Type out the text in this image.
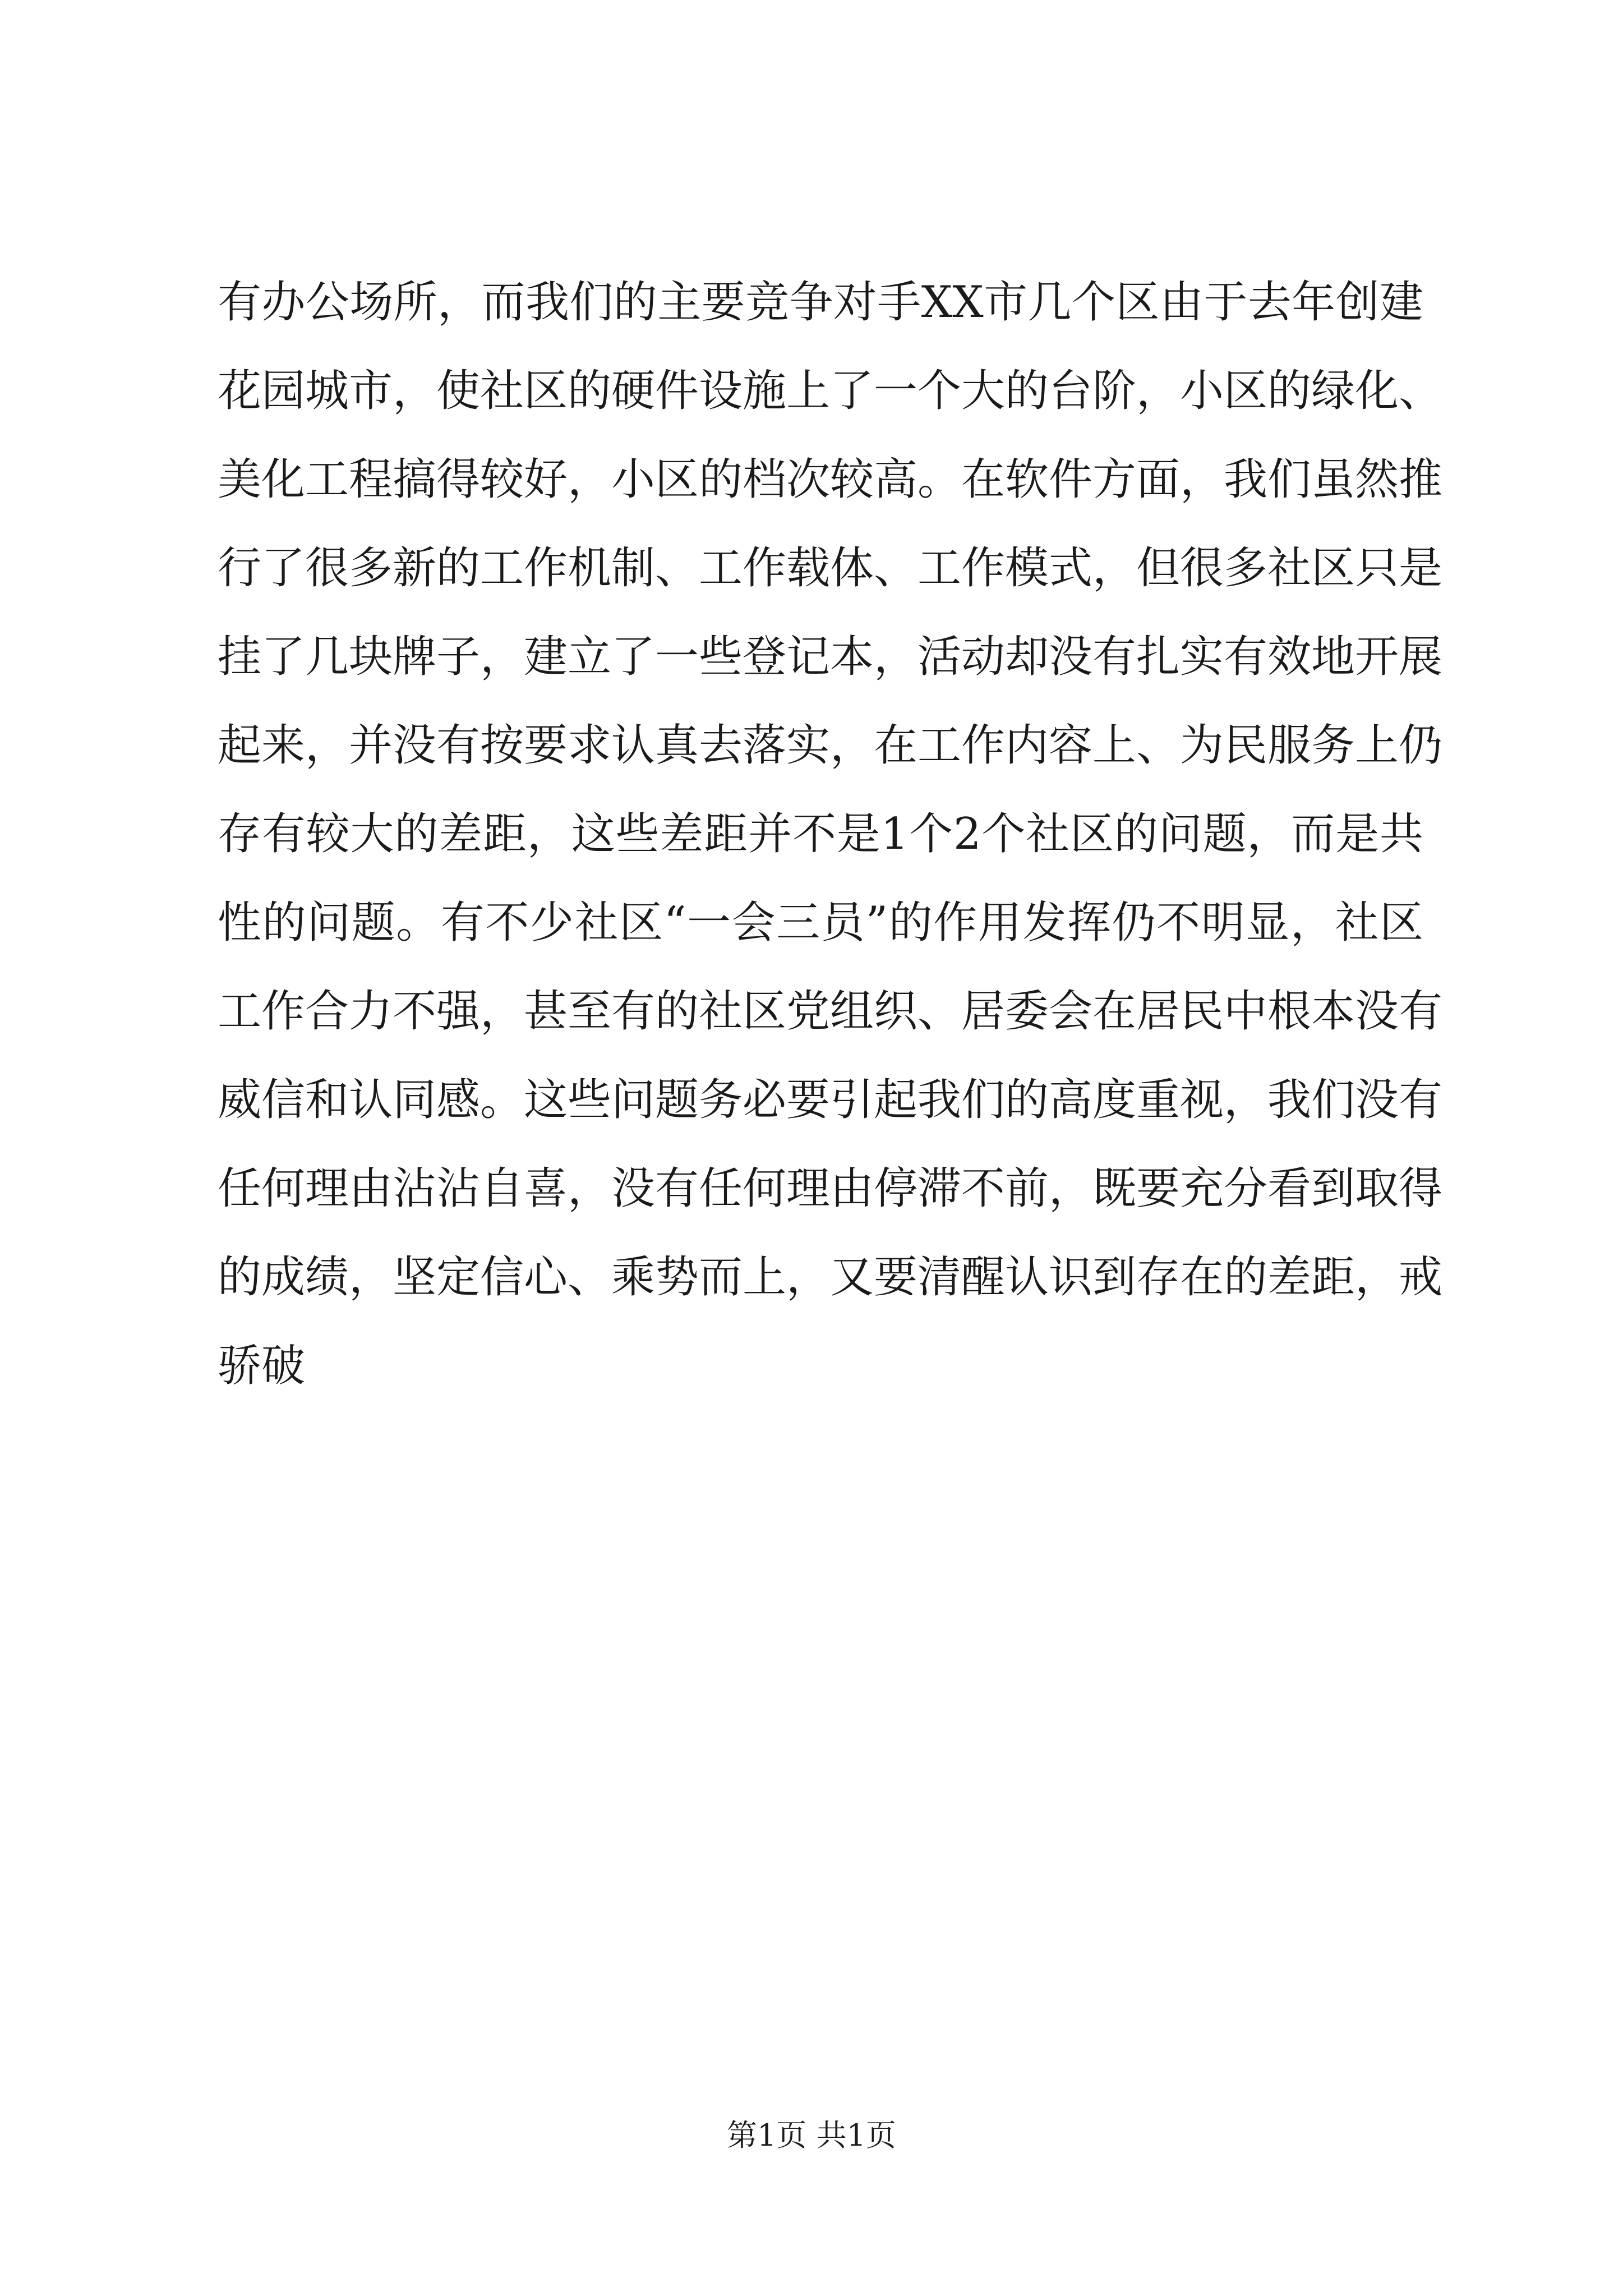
有办公场所，而我们的主要竞争对手XX市几个区由于去年创建
花园城市，使社区的硬件设施上了一个大的台阶，小区的绿化、
美化工程搞得较好，小区的档次较高。在软件方面，我们虽然推
行了很多新的工作机制、工作载体、工作模式，但很多社区只是
挂了几块牌子，建立了一些登记本，活动却没有扎实有效地开展
起来，并没有按要求认真去落实，在工作内容上、为民服务上仍
存有较大的差距，这些差距并不是1个2个社区的问题，而是共
性的问题。有不少社区“一会三员”的作用发挥仍不明显，社区
工作合力不强，甚至有的社区党组织、居委会在居民中根本没有
威信和认同感。这些问题务必要引起我们的高度重视，我们没有
任何理由沾沾自喜，没有任何理由停滞不前，既要充分看到取得
的成绩，坚定信心、乘势而上，又要清醒认识到存在的差距，戒
骄破
第1页 共1页
